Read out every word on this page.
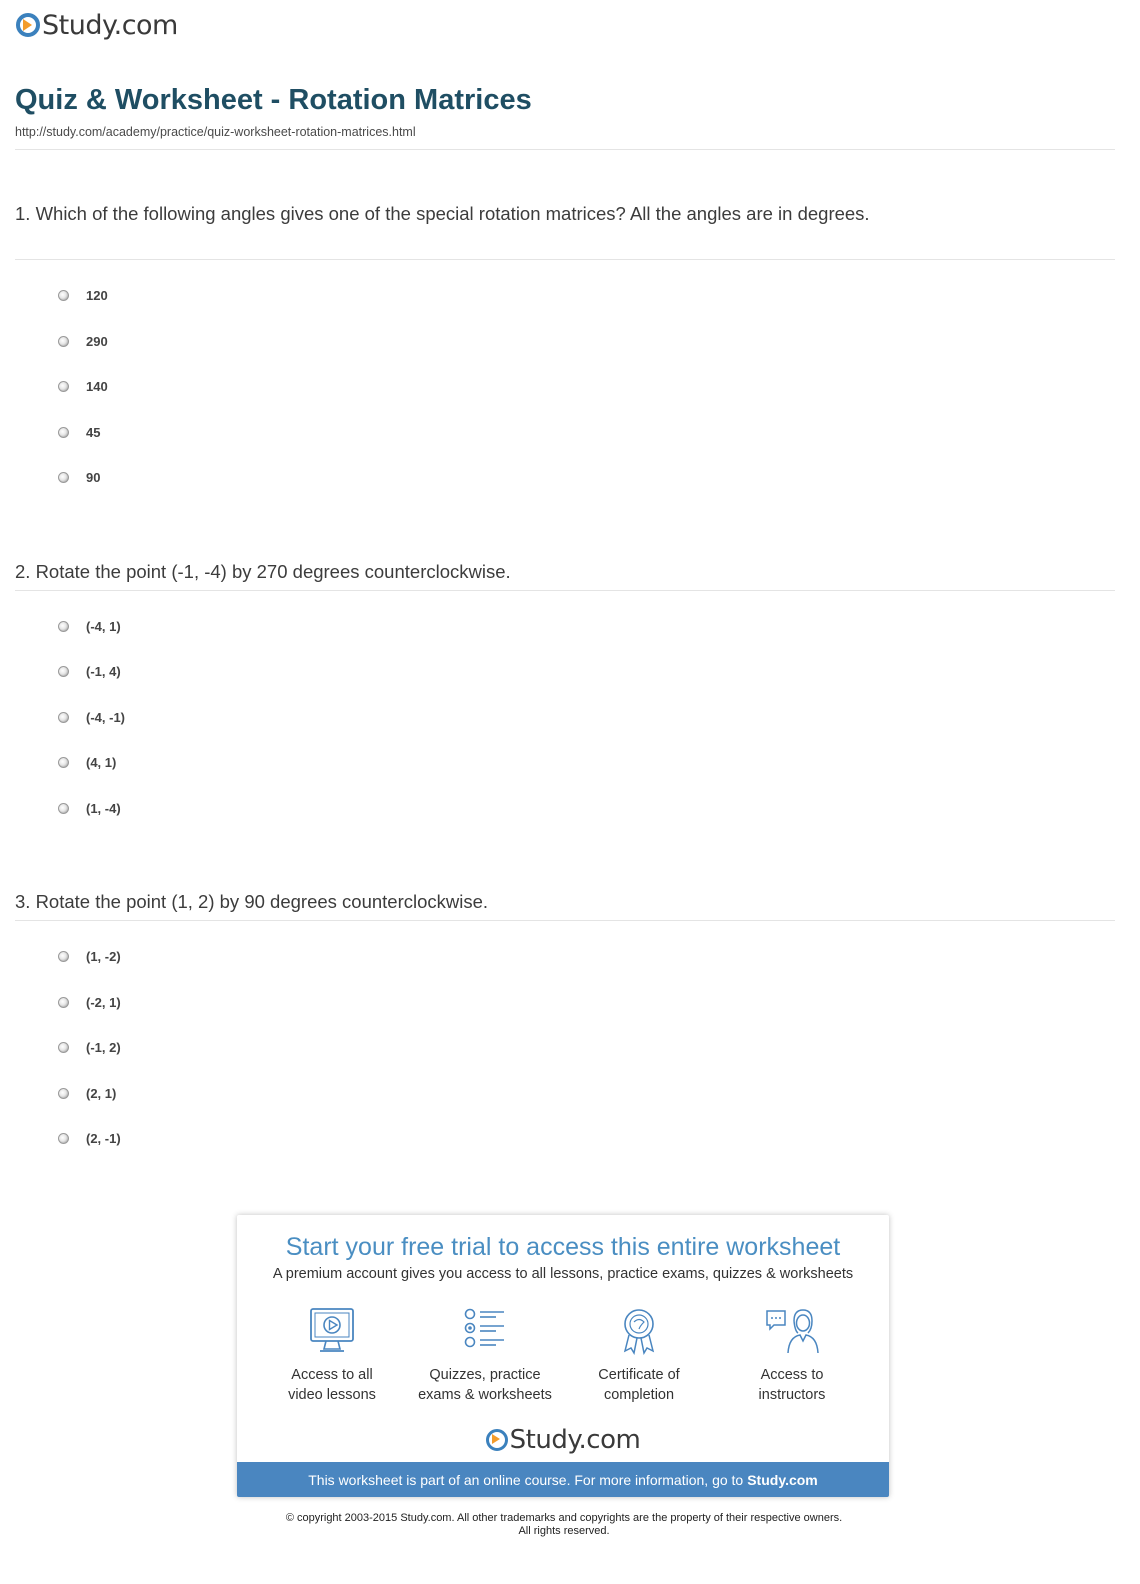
Study.com
Quiz & Worksheet - Rotation Matrices
http://study.com/academy/practice/quiz-worksheet-rotation-matrices.html
1. Which of the following angles gives one of the special rotation matrices? All the angles are in degrees.
120
290
140
45
90
2. Rotate the point (-1, -4) by 270 degrees counterclockwise.
(-4, 1)
(-1, 4)
(-4, -1)
(4, 1)
(1, -4)
3. Rotate the point (1, 2) by 90 degrees counterclockwise.
(1, -2)
(-2, 1)
(-1, 2)
(2, 1)
(2, -1)
Start your free trial to access this entire worksheet
A premium account gives you access to all lessons, practice exams, quizzes & worksheets
Access to all
video lessons
Quizzes, practice
exams & worksheets
Certificate of
completion
Access to
instructors
Study.com
This worksheet is part of an online course. For more information, go to Study.com
© copyright 2003-2015 Study.com. All other trademarks and copyrights are the property of their respective owners.
All rights reserved.
